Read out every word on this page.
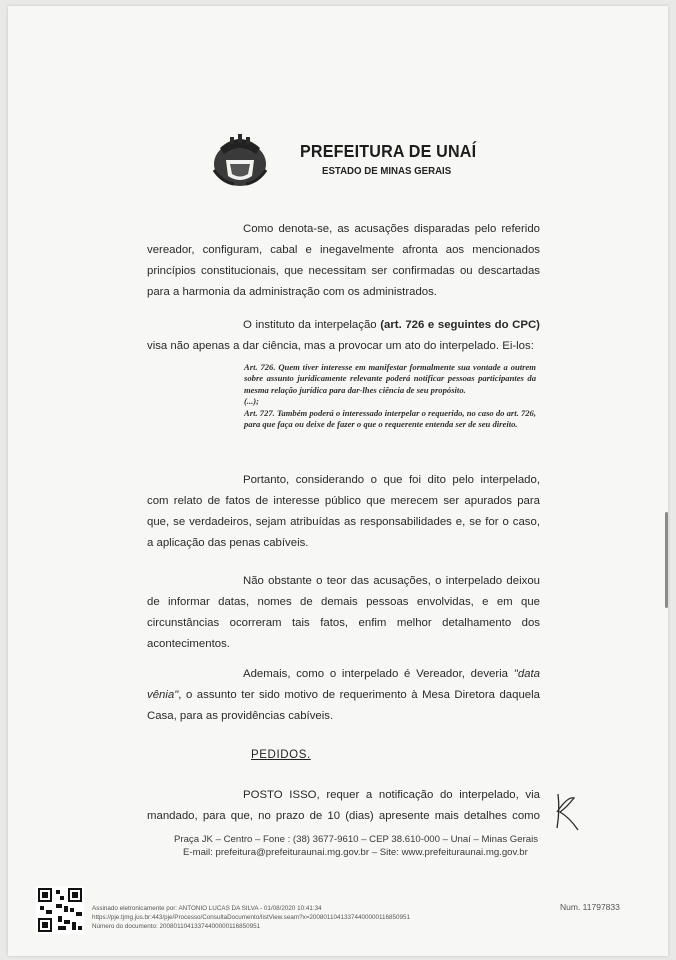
PREFEITURA DE UNAÍ
ESTADO DE MINAS GERAIS
Como denota-se, as acusações disparadas pelo referido vereador, configuram, cabal e inegavelmente afronta aos mencionados princípios constitucionais, que necessitam ser confirmadas ou descartadas para a harmonia da administração com os administrados.
O instituto da interpelação (art. 726 e seguintes do CPC) visa não apenas a dar ciência, mas a provocar um ato do interpelado. Ei-los:
Art. 726. Quem tiver interesse em manifestar formalmente sua vontade a outrem sobre assunto juridicamente relevante poderá notificar pessoas participantes da mesma relação jurídica para dar-lhes ciência de seu propósito.
(...);
Art. 727. Também poderá o interessado interpelar o requerido, no caso do art. 726, para que faça ou deixe de fazer o que o requerente entenda ser de seu direito.
Portanto, considerando o que foi dito pelo interpelado, com relato de fatos de interesse público que merecem ser apurados para que, se verdadeiros, sejam atribuídas as responsabilidades e, se for o caso, a aplicação das penas cabíveis.
Não obstante o teor das acusações, o interpelado deixou de informar datas, nomes de demais pessoas envolvidas, e em que circunstâncias ocorreram tais fatos, enfim melhor detalhamento dos acontecimentos.
Ademais, como o interpelado é Vereador, deveria "data vênia", o assunto ter sido motivo de requerimento à Mesa Diretora daquela Casa, para as providências cabíveis.
PEDIDOS.
POSTO ISSO, requer a notificação do interpelado, via mandado, para que, no prazo de 10 (dias) apresente mais detalhes como
Praça JK – Centro – Fone : (38) 3677-9610 – CEP 38.610-000 – Unaí – Minas Gerais
E-mail: prefeitura@prefeituraunai.mg.gov.br – Site: www.prefeituraunai.mg.gov.br
Assinado eletronicamente por: ANTONIO LUCAS DA SILVA - 01/08/2020 10:41:34
https://pje.tjmg.jus.br:443/pje/Processo/ConsultaDocumento/listView.seam?x=20080110413374400000116850951
Número do documento: 20080110413374400000116850951
Num. 11797833
